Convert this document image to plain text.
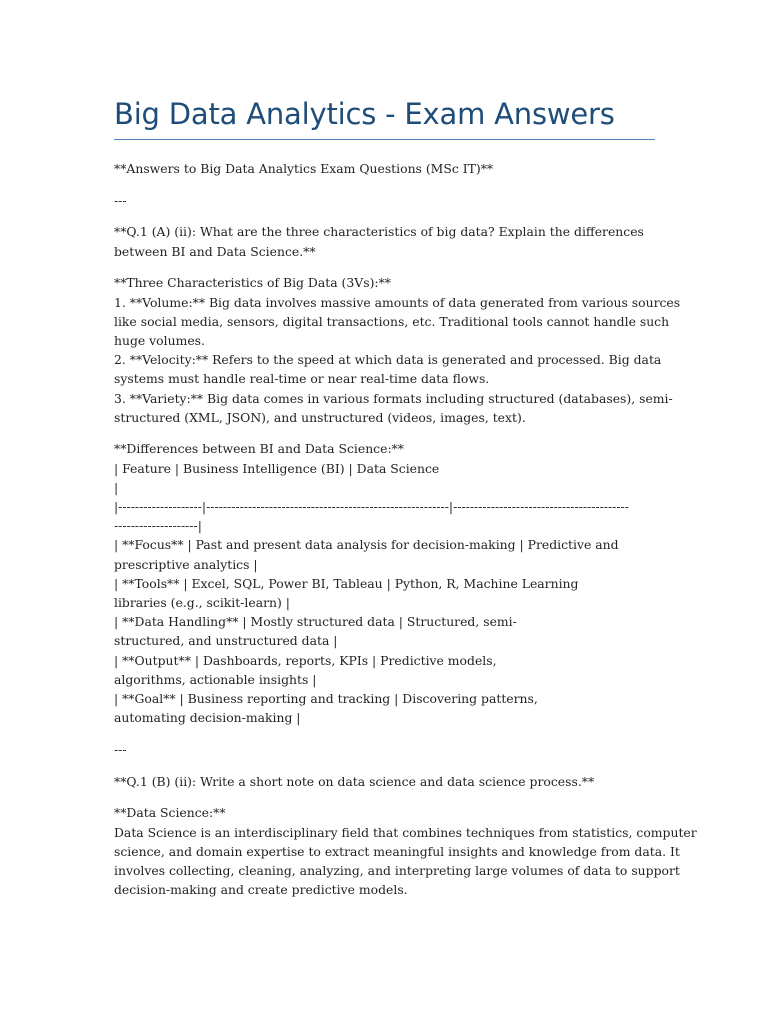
Big Data Analytics - Exam Answers

**Answers to Big Data Analytics Exam Questions (MSc IT)**

---

**Q.1 (A) (ii): What are the three characteristics of big data? Explain the differences
between BI and Data Science.**

**Three Characteristics of Big Data (3Vs):**
1. **Volume:** Big data involves massive amounts of data generated from various sources
like social media, sensors, digital transactions, etc. Traditional tools cannot handle such
huge volumes.
2. **Velocity:** Refers to the speed at which data is generated and processed. Big data
systems must handle real-time or near real-time data flows.
3. **Variety:** Big data comes in various formats including structured (databases), semi-
structured (XML, JSON), and unstructured (videos, images, text).

**Differences between BI and Data Science:**
| Feature | Business Intelligence (BI) | Data Science
|
|--------------------|----------------------------------------------------------|------------------------------------------
--------------------|
| **Focus** | Past and present data analysis for decision-making | Predictive and
prescriptive analytics |
| **Tools** | Excel, SQL, Power BI, Tableau | Python, R, Machine Learning
libraries (e.g., scikit-learn) |
| **Data Handling** | Mostly structured data | Structured, semi-
structured, and unstructured data |
| **Output** | Dashboards, reports, KPIs | Predictive models,
algorithms, actionable insights |
| **Goal** | Business reporting and tracking | Discovering patterns,
automating decision-making |

---

**Q.1 (B) (ii): Write a short note on data science and data science process.**

**Data Science:**
Data Science is an interdisciplinary field that combines techniques from statistics, computer
science, and domain expertise to extract meaningful insights and knowledge from data. It
involves collecting, cleaning, analyzing, and interpreting large volumes of data to support
decision-making and create predictive models.
